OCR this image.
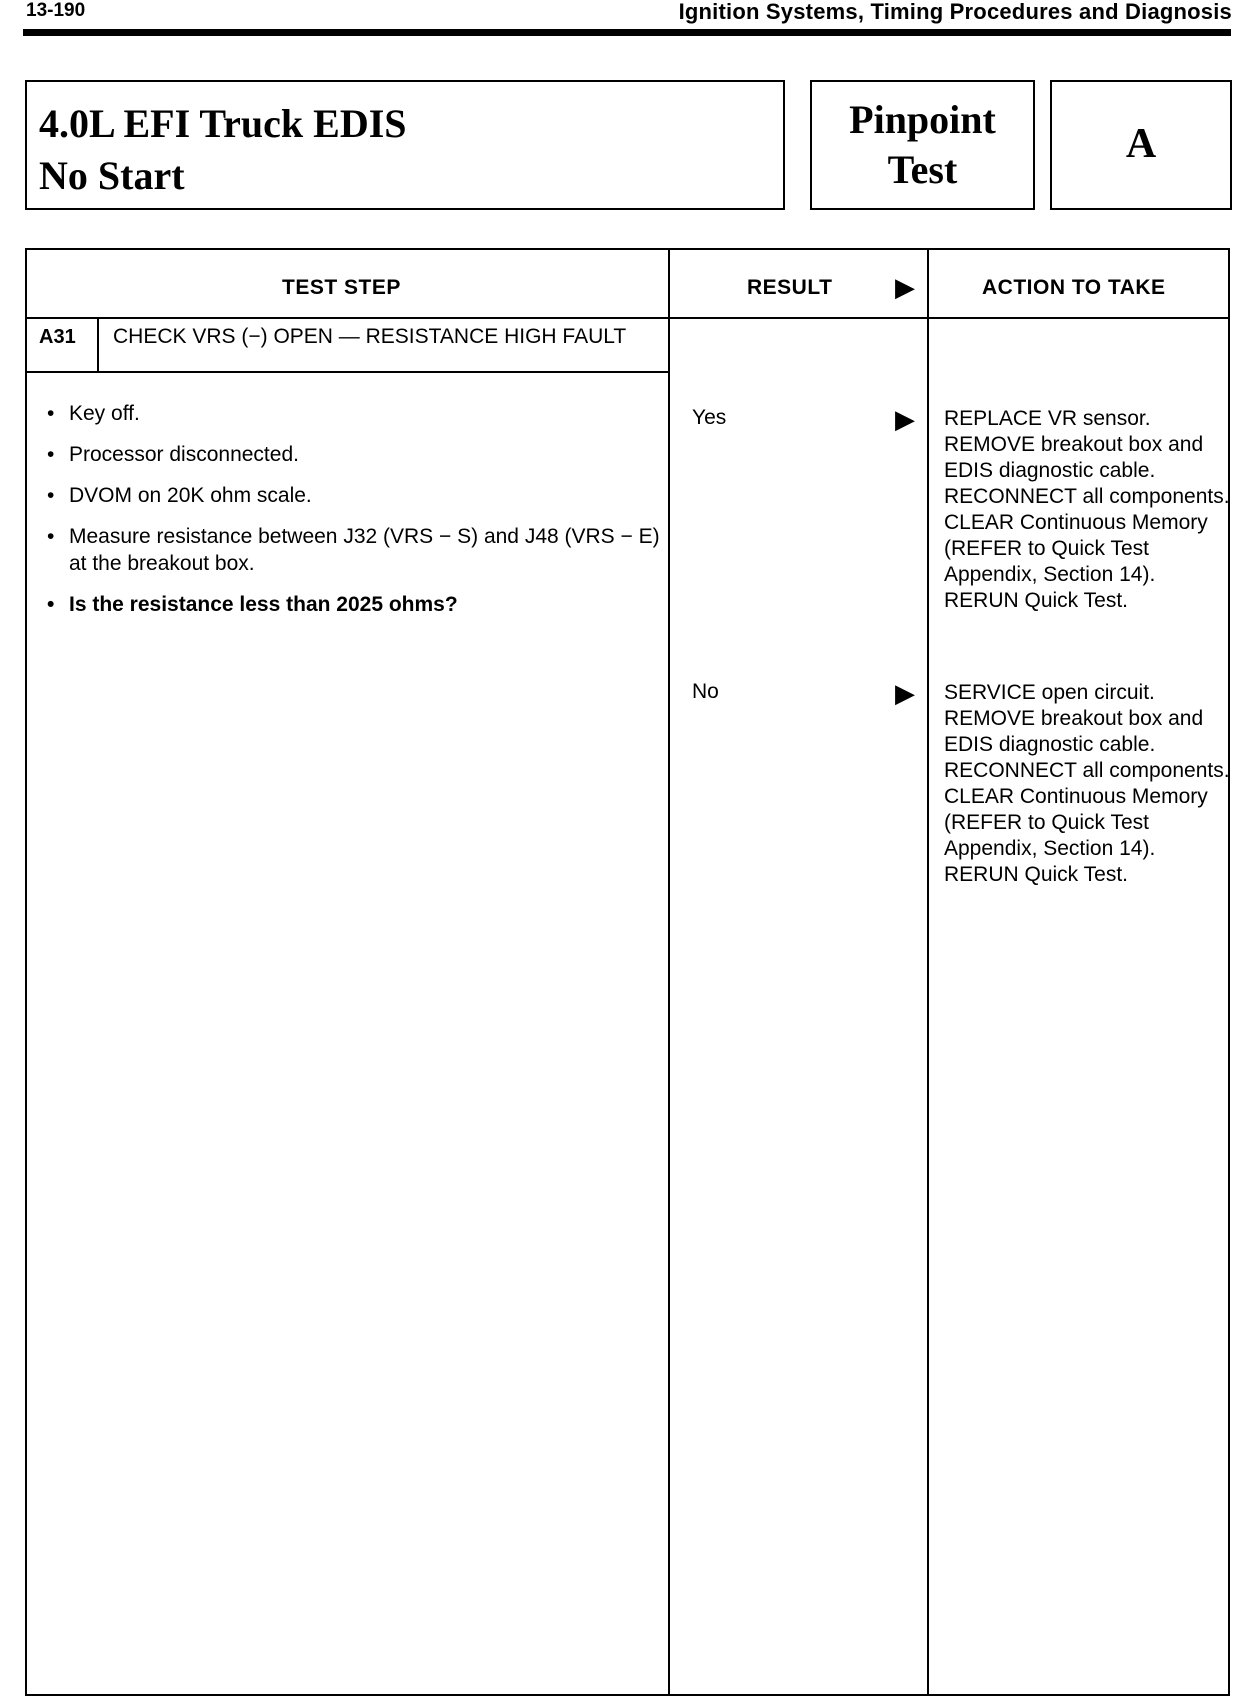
13-190	Ignition Systems, Timing Procedures and Diagnosis
4.0L EFI Truck EDIS
No Start
Pinpoint
Test
A
TEST STEP	RESULT ▶	ACTION TO TAKE
A31 CHECK VRS (−) OPEN — RESISTANCE HIGH FAULT
• Key off.
• Processor disconnected.
• DVOM on 20K ohm scale.
• Measure resistance between J32 (VRS − S) and J48 (VRS − E) at the breakout box.
• Is the resistance less than 2025 ohms?
Yes	▶ REPLACE VR sensor. REMOVE breakout box and EDIS diagnostic cable. RECONNECT all components. CLEAR Continuous Memory (REFER to Quick Test Appendix, Section 14). RERUN Quick Test.
No	▶ SERVICE open circuit. REMOVE breakout box and EDIS diagnostic cable. RECONNECT all components. CLEAR Continuous Memory (REFER to Quick Test Appendix, Section 14). RERUN Quick Test.
